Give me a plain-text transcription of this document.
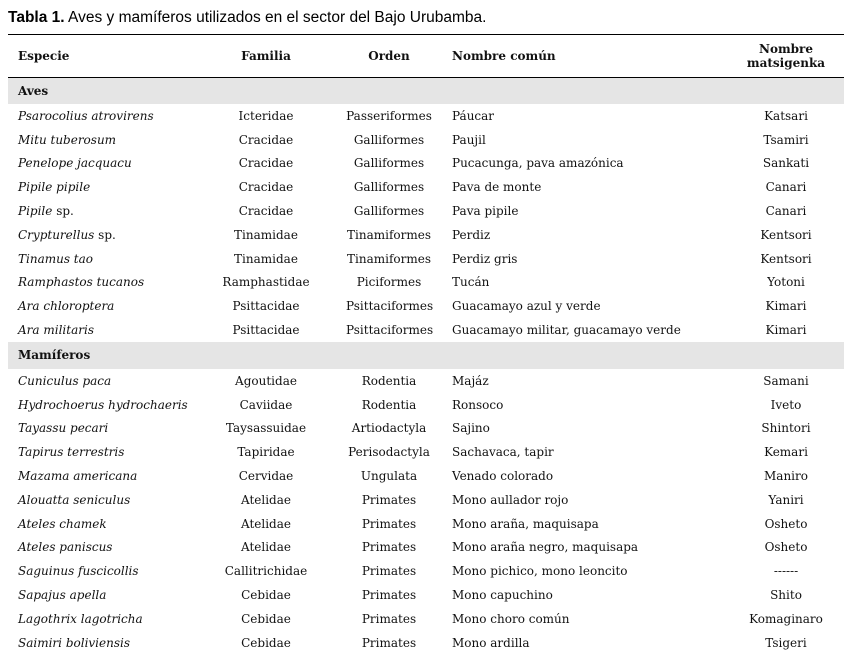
Tabla 1. Aves y mamíferos utilizados en el sector del Bajo Urubamba.
Especie	Familia	Orden	Nombre común	Nombre
matsigenka
Aves				
Psarocolius atrovirens	Icteridae	Passeriformes	Páucar	Katsari
Mitu tuberosum	Cracidae	Galliformes	Paujil	Tsamiri
Penelope jacquacu	Cracidae	Galliformes	Pucacunga, pava amazónica	Sankati
Pipile pipile	Cracidae	Galliformes	Pava de monte	Canari
Pipile sp.	Cracidae	Galliformes	Pava pipile	Canari
Crypturellus sp.	Tinamidae	Tinamiformes	Perdiz	Kentsori
Tinamus tao	Tinamidae	Tinamiformes	Perdiz gris	Kentsori
Ramphastos tucanos	Ramphastidae	Piciformes	Tucán	Yotoni
Ara chloroptera	Psittacidae	Psittaciformes	Guacamayo azul y verde	Kimari
Ara militaris	Psittacidae	Psittaciformes	Guacamayo militar, guacamayo verde	Kimari
Mamíferos				
Cuniculus paca	Agoutidae	Rodentia	Majáz	Samani
Hydrochoerus hydrochaeris	Caviidae	Rodentia	Ronsoco	Iveto
Tayassu pecari	Taysassuidae	Artiodactyla	Sajino	Shintori
Tapirus terrestris	Tapiridae	Perisodactyla	Sachavaca, tapir	Kemari
Mazama americana	Cervidae	Ungulata	Venado colorado	Maniro
Alouatta seniculus	Atelidae	Primates	Mono aullador rojo	Yaniri
Ateles chamek	Atelidae	Primates	Mono araña, maquisapa	Osheto
Ateles paniscus	Atelidae	Primates	Mono araña negro, maquisapa	Osheto
Saguinus fuscicollis	Callitrichidae	Primates	Mono pichico, mono leoncito	------
Sapajus apella	Cebidae	Primates	Mono capuchino	Shito
Lagothrix lagotricha	Cebidae	Primates	Mono choro común	Komaginaro
Saimiri boliviensis	Cebidae	Primates	Mono ardilla	Tsigeri
